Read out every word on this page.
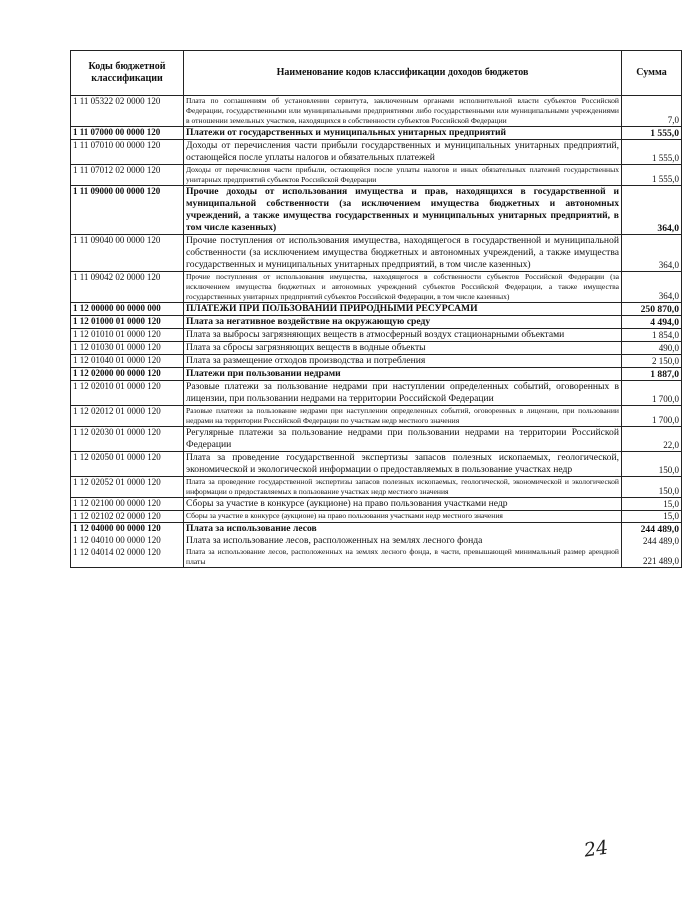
Коды бюджетной классификации	Наименование кодов классификации доходов бюджетов	Сумма
1 11 05322 02 0000 120	Плата по соглашениям об установлении сервитута, заключенным органами исполнительной власти субъектов Российской Федерации, государственными или муниципальными предприятиями либо государственными или муниципальными учреждениями в отношении земельных участков, находящихся в собственности субъектов Российской Федерации	7,0
1 11 07000 00 0000 120	Платежи от государственных и муниципальных унитарных предприятий	1 555,0
1 11 07010 00 0000 120	Доходы от перечисления части прибыли государственных и муниципальных унитарных предприятий, остающейся после уплаты налогов и обязательных платежей	1 555,0
1 11 07012 02 0000 120	Доходы от перечисления части прибыли, остающейся после уплаты налогов и иных обязательных платежей государственных унитарных предприятий субъектов Российской Федерации	1 555,0
1 11 09000 00 0000 120	Прочие доходы от использования имущества и прав, находящихся в государственной и муниципальной собственности (за исключением имущества бюджетных и автономных учреждений, а также имущества государственных и муниципальных унитарных предприятий, в том числе казенных)	364,0
1 11 09040 00 0000 120	Прочие поступления от использования имущества, находящегося в государственной и муниципальной собственности (за исключением имущества бюджетных и автономных учреждений, а также имущества государственных и муниципальных унитарных предприятий, в том числе казенных)	364,0
1 11 09042 02 0000 120	Прочие поступления от использования имущества, находящегося в собственности субъектов Российской Федерации (за исключением имущества бюджетных и автономных учреждений субъектов Российской Федерации, а также имущества государственных унитарных предприятий субъектов Российской Федерации, в том числе казенных)	364,0
1 12 00000 00 0000 000	ПЛАТЕЖИ ПРИ ПОЛЬЗОВАНИИ ПРИРОДНЫМИ РЕСУРСАМИ	250 870,0
1 12 01000 01 0000 120	Плата за негативное воздействие на окружающую среду	4 494,0
1 12 01010 01 0000 120	Плата за выбросы загрязняющих веществ в атмосферный воздух стационарными объектами	1 854,0
1 12 01030 01 0000 120	Плата за сбросы загрязняющих веществ в водные объекты	490,0
1 12 01040 01 0000 120	Плата за размещение отходов производства и потребления	2 150,0
1 12 02000 00 0000 120	Платежи при пользовании недрами	1 887,0
1 12 02010 01 0000 120	Разовые платежи за пользование недрами при наступлении определенных событий, оговоренных в лицензии, при пользовании недрами на территории Российской Федерации	1 700,0
1 12 02012 01 0000 120	Разовые платежи за пользование недрами при наступлении определенных событий, оговоренных в лицензии, при пользовании недрами на территории Российской Федерации по участкам недр местного значения	1 700,0
1 12 02030 01 0000 120	Регулярные платежи за пользование недрами при пользовании недрами на территории Российской Федерации	22,0
1 12 02050 01 0000 120	Плата за проведение государственной экспертизы запасов полезных ископаемых, геологической, экономической и экологической информации о предоставляемых в пользование участках недр	150,0
1 12 02052 01 0000 120	Плата за проведение государственной экспертизы запасов полезных ископаемых, геологической, экономической и экологической информации о предоставляемых в пользование участках недр местного значения	150,0
1 12 02100 00 0000 120	Сборы за участие в конкурсе (аукционе) на право пользования участками недр	15,0
1 12 02102 02 0000 120	Сборы за участие в конкурсе (аукционе) на право пользования участками недр местного значения	15,0
1 12 04000 00 0000 120	Плата за использование лесов	244 489,0
1 12 04010 00 0000 120	Плата за использование лесов, расположенных на землях лесного фонда	244 489,0
1 12 04014 02 0000 120	Плата за использование лесов, расположенных на землях лесного фонда, в части, превышающей минимальный размер арендной платы	221 489,0
24
